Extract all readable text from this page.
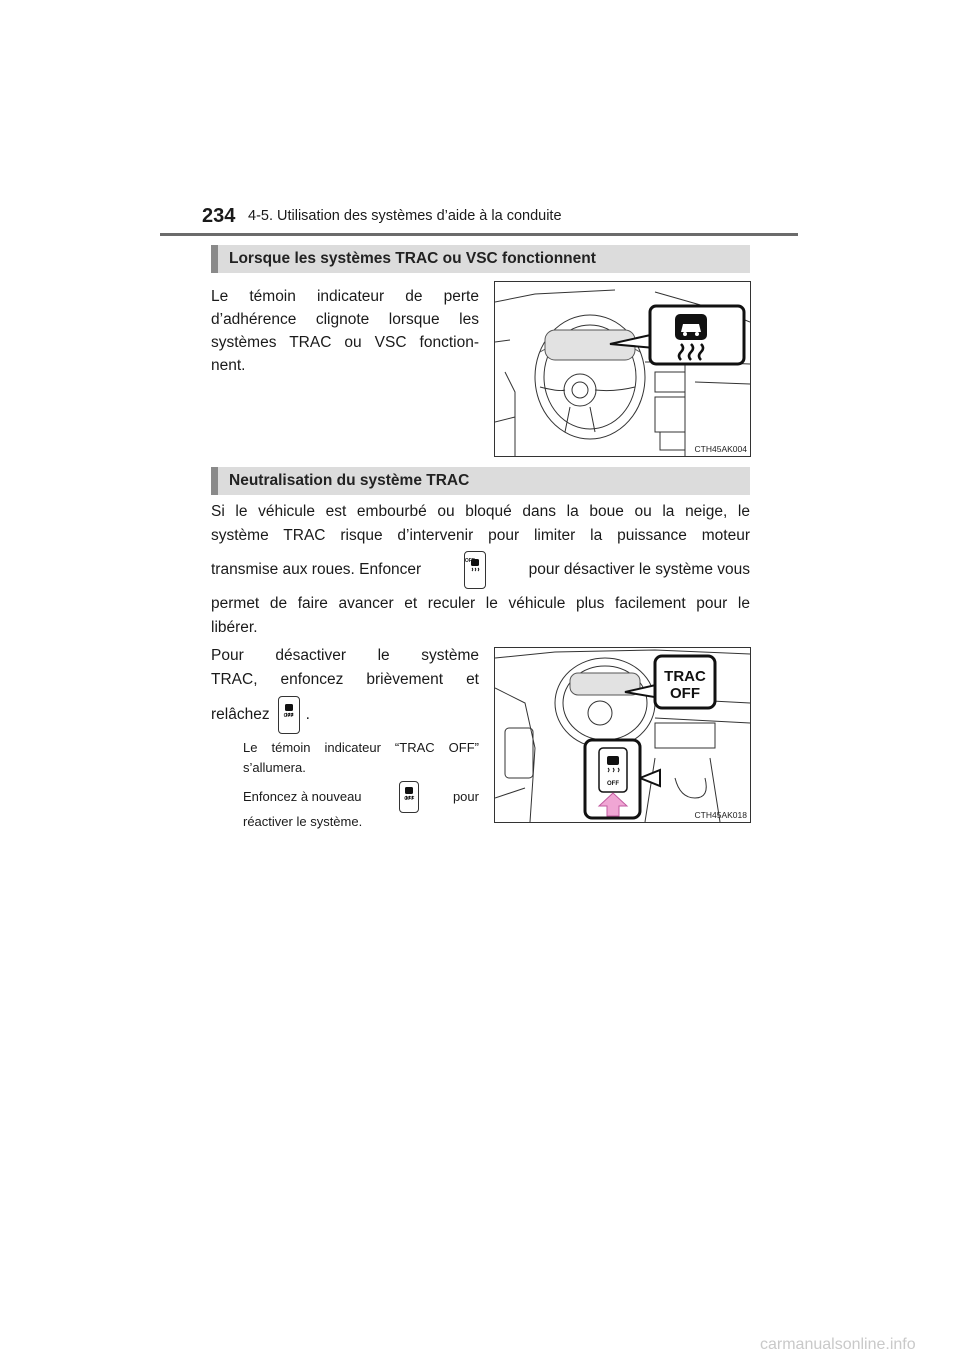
234 4-5. Utilisation des systèmes d’aide à la conduite
Lorsque les systèmes TRAC ou VSC fonctionnent
Le témoin indicateur de perte
d’adhérence clignote lorsque les
systèmes TRAC ou VSC fonction-
nent.
CTH45AK004
Neutralisation du système TRAC
Si le véhicule est embourbé ou bloqué dans la boue ou la neige, le
système TRAC risque d’intervenir pour limiter la puissance moteur
transmise aux roues. Enfoncer	OFF	pour désactiver le système vous
permet de faire avancer et reculer le véhicule plus facilement pour le
libérer.
Pour désactiver le système
TRAC, enfoncez brièvement et
relâchez	OFF .
Le témoin indicateur “TRAC OFF” s’allumera.
Enfoncez à nouveau	OFF	pour
réactiver le système.
TRAC
OFF
OFF
CTH45AK018
carmanualsonline.info
